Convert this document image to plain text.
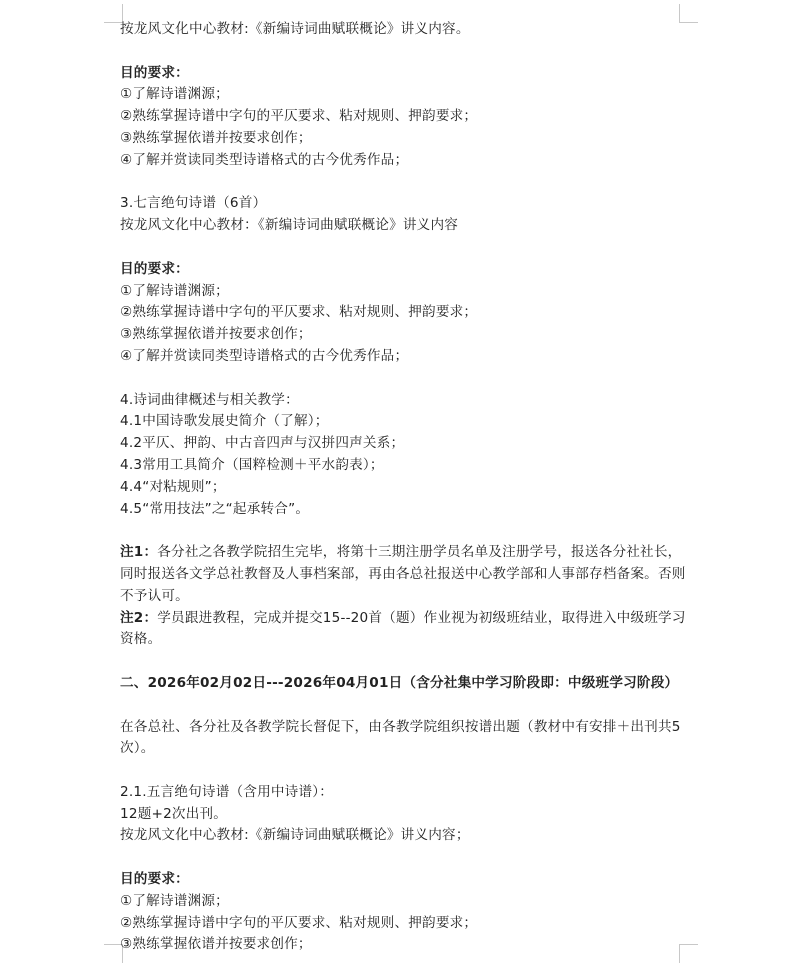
按龙风文化中心教材:《新编诗词曲赋联概论》讲义内容。
目的要求：
①了解诗谱渊源；
②熟练掌握诗谱中字句的平仄要求、粘对规则、押韵要求；
③熟练掌握依谱并按要求创作；
④了解并赏读同类型诗谱格式的古今优秀作品；
3.七言绝句诗谱（6首）
按龙风文化中心教材：《新编诗词曲赋联概论》讲义内容
目的要求：
①了解诗谱渊源；
②熟练掌握诗谱中字句的平仄要求、粘对规则、押韵要求；
③熟练掌握依谱并按要求创作；
④了解并赏读同类型诗谱格式的古今优秀作品；
4.诗词曲律概述与相关教学：
4.1中国诗歌发展史简介（了解）；
4.2平仄、押韵、中古音四声与汉拼四声关系；
4.3常用工具简介（国粹检测＋平水韵表）；
4.4“对粘规则”；
4.5“常用技法”之“起承转合”。
注1：各分社之各教学院招生完毕，将第十三期注册学员名单及注册学号，报送各分社社长，同时报送各文学总社教督及人事档案部，再由各总社报送中心教学部和人事部存档备案。否则不予认可。
注2：学员跟进教程，完成并提交15--20首（题）作业视为初级班结业，取得进入中级班学习资格。
二、2026年02月02日---2026年04月01日（含分社集中学习阶段即：中级班学习阶段）
在各总社、各分社及各教学院长督促下，由各教学院组织按谱出题（教材中有安排＋出刊共5次）。
2.1.五言绝句诗谱（含用中诗谱）：
12题+2次出刊。
按龙风文化中心教材:《新编诗词曲赋联概论》讲义内容；
目的要求：
①了解诗谱渊源；
②熟练掌握诗谱中字句的平仄要求、粘对规则、押韵要求；
③熟练掌握依谱并按要求创作；
